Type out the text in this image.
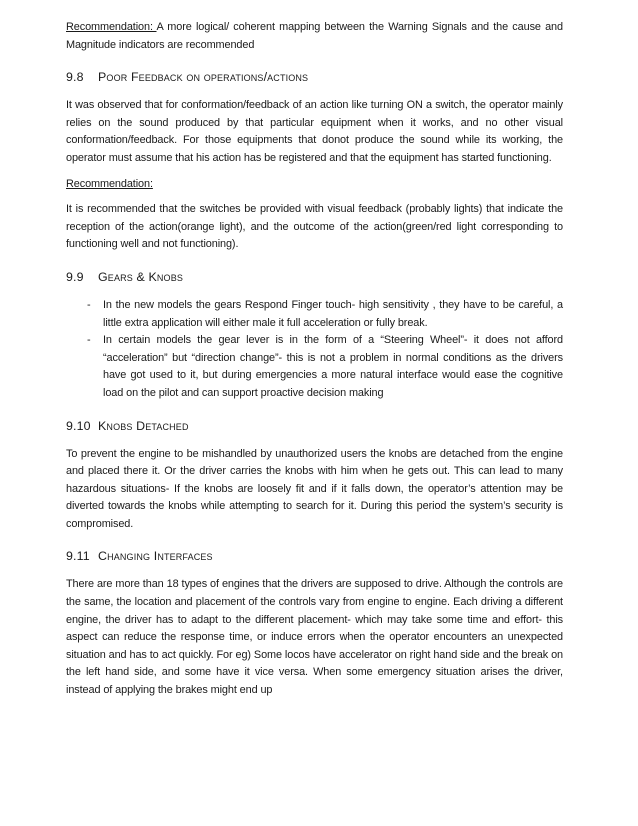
Recommendation: A more logical/ coherent mapping between the Warning Signals and the cause and Magnitude indicators are recommended

9.8 Poor Feedback on operations/actions

It was observed that for conformation/feedback of an action like turning ON a switch, the operator mainly relies on the sound produced by that particular equipment when it works, and no other visual conformation/feedback. For those equipments that donot produce the sound while its working, the operator must assume that his action has be registered and that the equipment has started functioning.

Recommendation:

It is recommended that the switches be provided with visual feedback (probably lights) that indicate the reception of the action(orange light), and the outcome of the action(green/red light corresponding to functioning well and not functioning).

9.9 Gears & Knobs
- In the new models the gears Respond Finger touch- high sensitivity , they have to be careful, a little extra application will either male it full acceleration or fully break.
- In certain models the gear lever is in the form of a “Steering Wheel”- it does not afford “acceleration” but “direction change”- this is not a problem in normal conditions as the drivers have got used to it, but during emergencies a more natural interface would ease the cognitive load on the pilot and can support proactive decision making
9.10 Knobs Detached

To prevent the engine to be mishandled by unauthorized users the knobs are detached from the engine and placed there it. Or the driver carries the knobs with him when he gets out. This can lead to many hazardous situations- If the knobs are loosely fit and if it falls down, the operator’s attention may be diverted towards the knobs while attempting to search for it. During this period the system’s security is compromised.

9.11 Changing Interfaces

There are more than 18 types of engines that the drivers are supposed to drive. Although the controls are the same, the location and placement of the controls vary from engine to engine. Each driving a different engine, the driver has to adapt to the different placement- which may take some time and effort- this aspect can reduce the response time, or induce errors when the operator encounters an unexpected situation and has to act quickly. For eg) Some locos have accelerator on right hand side and the break on the left hand side, and some have it vice versa. When some emergency situation arises the driver, instead of applying the brakes might end up
